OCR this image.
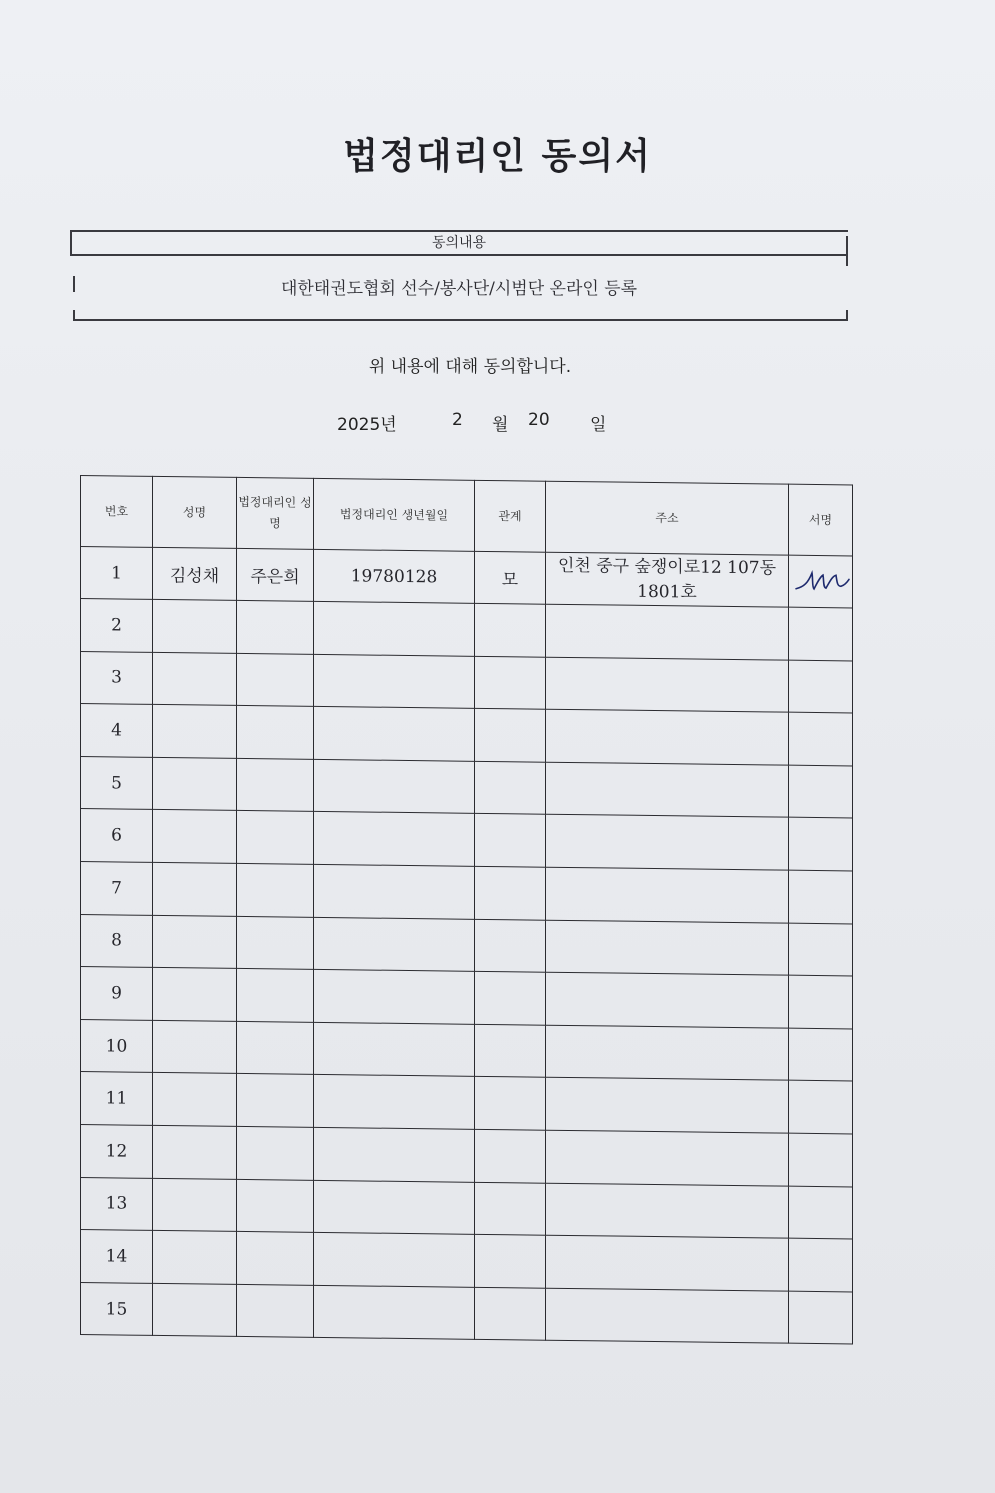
법정대리인 동의서
동의내용
대한태권도협회 선수/봉사단/시범단 온라인 등록
위 내용에 대해 동의합니다.
2025년	2 월 20 일
번호	성명	법정대리인 성명	법정대리인 생년월일	관계	주소	서명
1	김성채	주은희	19780128	모	인천 중구 숲쟁이로12 107동 1801호	
2						
3						
4						
5						
6						
7						
8						
9						
10						
11						
12						
13						
14						
15						
